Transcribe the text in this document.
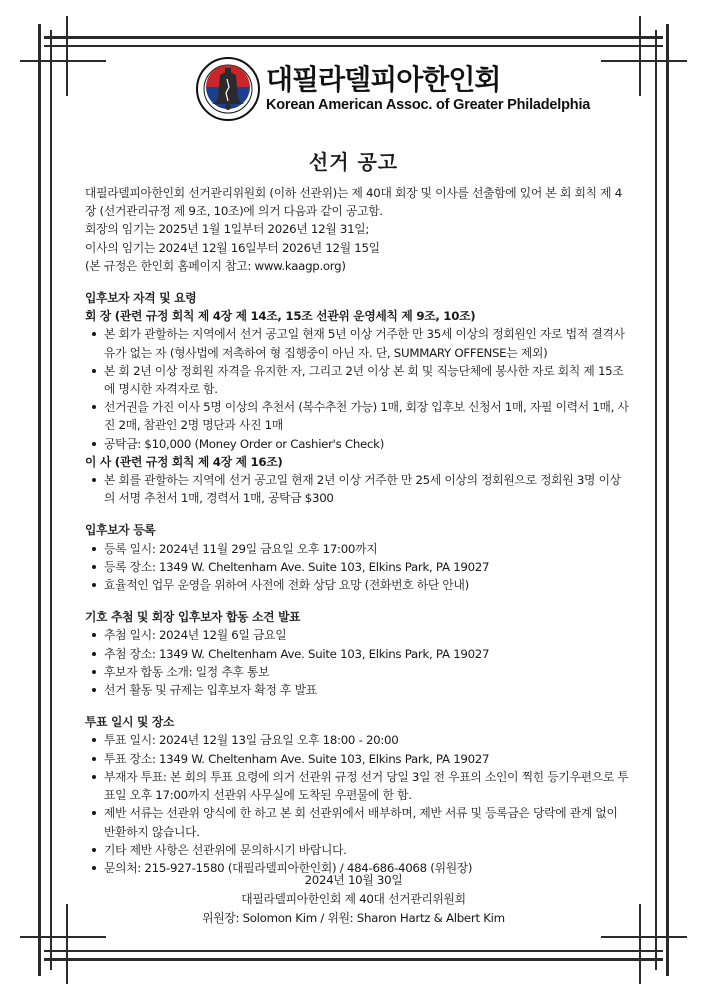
대필라델피아한인회
Korean American Assoc. of Greater Philadelphia
선거 공고

대필라델피아한인회 선거관리위원회 (이하 선관위)는 제 40대 회장 및 이사를 선출함에 있어 본 회 회칙 제 4장 (선거관리규정 제 9조, 10조)에 의거 다음과 같이 공고함.

회장의 임기는 2025년 1월 1일부터 2026년 12월 31일;

이사의 임기는 2024년 12월 16일부터 2026년 12월 15일

(본 규정은 한인회 홈페이지 참고: www.kaagp.org)

입후보자 자격 및 요령

회 장 (관련 규정 회칙 제 4장 제 14조, 15조 선관위 운영세칙 제 9조, 10조)

본 회가 관할하는 지역에서 선거 공고일 현재 5년 이상 거주한 만 35세 이상의 정회원인 자로 법적 결격사유가 없는 자 (형사법에 저촉하여 형 집행중이 아닌 자. 단, SUMMARY OFFENSE는 제외)
본 회 2년 이상 정회원 자격을 유지한 자, 그리고 2년 이상 본 회 및 직능단체에 봉사한 자로 회칙 제 15조에 명시한 자격자로 함.
선거권을 가진 이사 5명 이상의 추천서 (복수추천 가능) 1매, 회장 입후보 신청서 1매, 자필 이력서 1매, 사진 2매, 참관인 2명 명단과 사진 1매
공탁금: $10,000 (Money Order or Cashier's Check)

이 사 (관련 규정 회칙 제 4장 제 16조)

본 회를 관할하는 지역에 선거 공고일 현재 2년 이상 거주한 만 25세 이상의 정회원으로 정회원 3명 이상의 서명 추천서 1매, 경력서 1매, 공탁금 $300

입후보자 등록

등록 일시: 2024년 11월 29일 금요일 오후 17:00까지
등록 장소: 1349 W. Cheltenham Ave. Suite 103, Elkins Park, PA 19027
효율적인 업무 운영을 위하여 사전에 전화 상담 요망 (전화번호 하단 안내)

기호 추첨 및 회장 입후보자 합동 소견 발표

추첨 일시: 2024년 12월 6일 금요일
추첨 장소: 1349 W. Cheltenham Ave. Suite 103, Elkins Park, PA 19027
후보자 합동 소개: 일정 추후 통보
선거 활동 및 규제는 입후보자 확정 후 발표

투표 일시 및 장소

투표 일시: 2024년 12월 13일 금요일 오후 18:00 - 20:00
투표 장소: 1349 W. Cheltenham Ave. Suite 103, Elkins Park, PA 19027
부재자 투표: 본 회의 투표 요령에 의거 선관위 규정 선거 당일 3일 전 우표의 소인이 찍힌 등기우편으로 투표일 오후 17:00까지 선관위 사무실에 도착된 우편물에 한 함.
제반 서류는 선관위 양식에 한 하고 본 회 선관위에서 배부하며, 제반 서류 및 등록금은 당락에 관계 없이 반환하지 않습니다.
기타 제반 사항은 선관위에 문의하시기 바랍니다.
문의처: 215-927-1580 (대필라델피아한인회) / 484-686-4068 (위원장)
2024년 10월 30일
대필라델피아한인회 제 40대 선거관리위원회
위원장: Solomon Kim / 위원: Sharon Hartz & Albert Kim
